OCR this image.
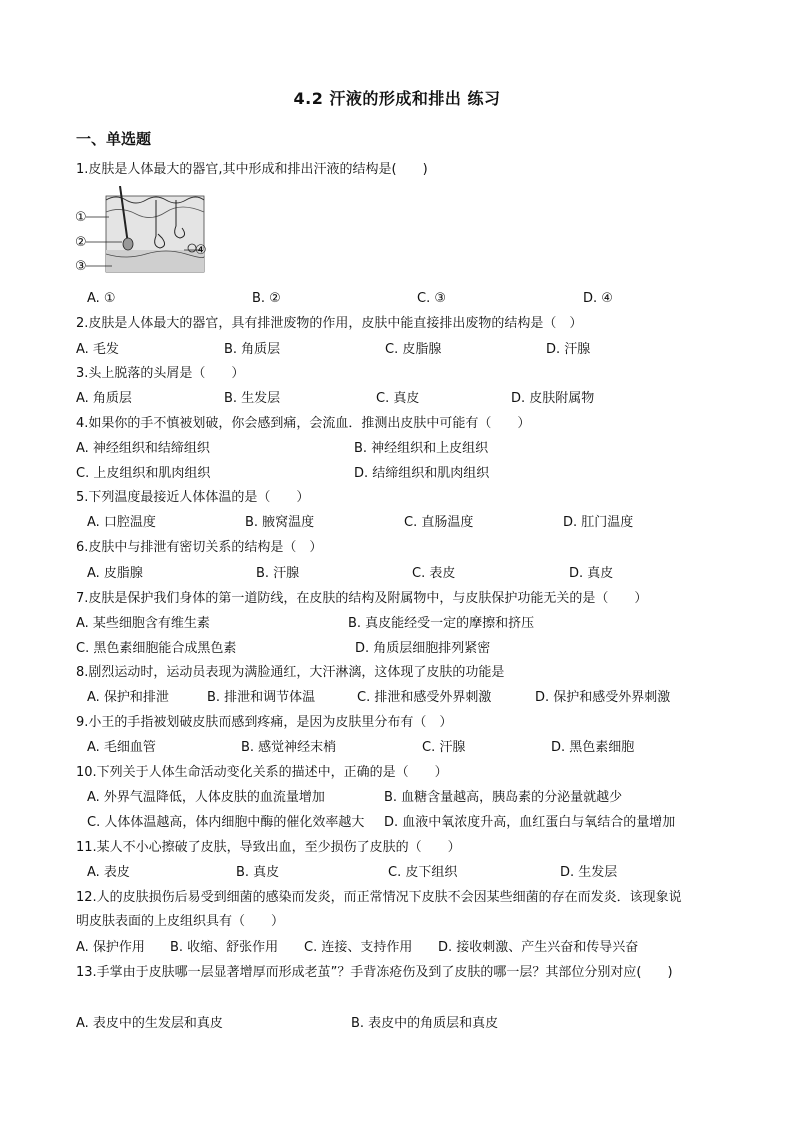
4.2 汗液的形成和排出 练习
一、单选题
1.皮肤是人体最大的器官,其中形成和排出汗液的结构是(　　)
①
②
③
④
A. ①	B. ②	C. ③	D. ④
2.皮肤是人体最大的器官，具有排泄废物的作用，皮肤中能直接排出废物的结构是（　）
A. 毛发	B. 角质层	C. 皮脂腺	D. 汗腺
3.头上脱落的头屑是（　　）
A. 角质层	B. 生发层	C. 真皮	D. 皮肤附属物
4.如果你的手不慎被划破，你会感到痛，会流血．推测出皮肤中可能有（　　）
A. 神经组织和结缔组织	B. 神经组织和上皮组织
C. 上皮组织和肌肉组织	D. 结缔组织和肌肉组织
5.下列温度最接近人体体温的是（　　）
A. 口腔温度	B. 腋窝温度	C. 直肠温度	D. 肛门温度
6.皮肤中与排泄有密切关系的结构是（　）
A. 皮脂腺	B. 汗腺	C. 表皮	D. 真皮
7.皮肤是保护我们身体的第一道防线，在皮肤的结构及附属物中，与皮肤保护功能无关的是（　　）
A. 某些细胞含有维生素	B. 真皮能经受一定的摩擦和挤压
C. 黑色素细胞能合成黑色素	D. 角质层细胞排列紧密
8.剧烈运动时，运动员表现为满脸通红，大汗淋漓，这体现了皮肤的功能是
A. 保护和排泄	B. 排泄和调节体温	C. 排泄和感受外界刺激	D. 保护和感受外界刺激
9.小王的手指被划破皮肤而感到疼痛，是因为皮肤里分布有（　）
A. 毛细血管	B. 感觉神经末梢	C. 汗腺	D. 黑色素细胞
10.下列关于人体生命活动变化关系的描述中，正确的是（　　）
A. 外界气温降低，人体皮肤的血流量增加	B. 血糖含量越高，胰岛素的分泌量就越少
C. 人体体温越高，体内细胞中酶的催化效率越大 D. 血液中氧浓度升高，血红蛋白与氧结合的量增加
11.某人不小心擦破了皮肤，导致出血，至少损伤了皮肤的（　　）
A. 表皮	B. 真皮	C. 皮下组织	D. 生发层
12.人的皮肤损伤后易受到细菌的感染而发炎，而正常情况下皮肤不会因某些细菌的存在而发炎．该现象说
明皮肤表面的上皮组织具有（　　）
A. 保护作用 B. 收缩、舒张作用 C. 连接、支持作用 D. 接收刺激、产生兴奋和传导兴奋
13.手掌由于皮肤哪一层显著增厚而形成老茧”？手背冻疮伤及到了皮肤的哪一层？其部位分别对应(　　)
A. 表皮中的生发层和真皮	B. 表皮中的角质层和真皮
